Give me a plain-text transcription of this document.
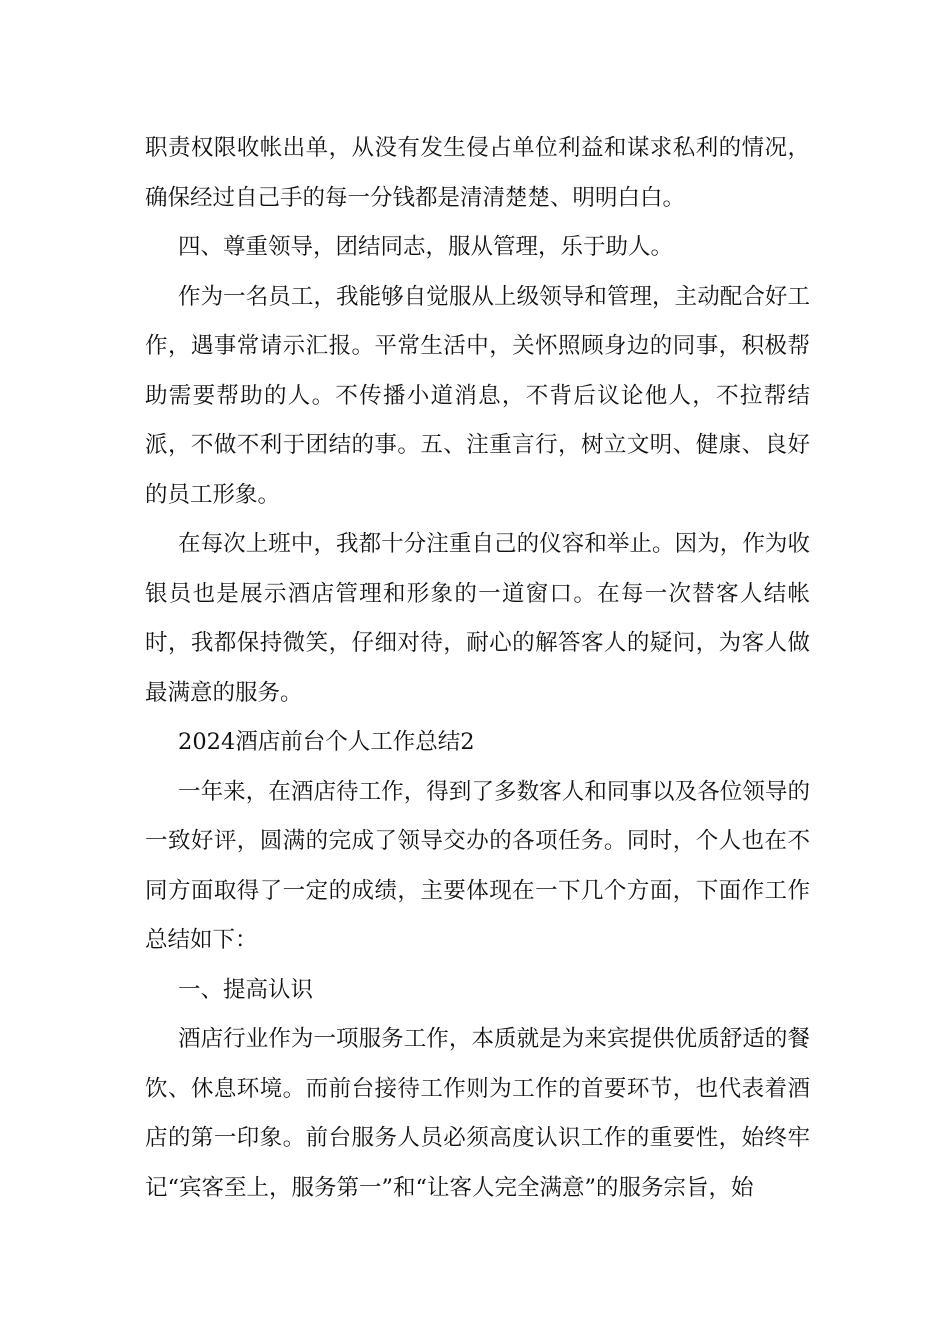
职责权限收帐出单，从没有发生侵占单位利益和谋求私利的情况，确保经过自己手的每一分钱都是清清楚楚、明明白白。

四、尊重领导，团结同志，服从管理，乐于助人。

作为一名员工，我能够自觉服从上级领导和管理，主动配合好工作，遇事常请示汇报。平常生活中，关怀照顾身边的同事，积极帮助需要帮助的人。不传播小道消息，不背后议论他人，不拉帮结派，不做不利于团结的事。五、注重言行，树立文明、健康、良好的员工形象。

在每次上班中，我都十分注重自己的仪容和举止。因为，作为收银员也是展示酒店管理和形象的一道窗口。在每一次替客人结帐时，我都保持微笑，仔细对待，耐心的解答客人的疑问，为客人做最满意的服务。

2024酒店前台个人工作总结2

一年来，在酒店待工作，得到了多数客人和同事以及各位领导的一致好评，圆满的完成了领导交办的各项任务。同时，个人也在不同方面取得了一定的成绩，主要体现在一下几个方面，下面作工作总结如下：

一、提高认识

酒店行业作为一项服务工作，本质就是为来宾提供优质舒适的餐饮、休息环境。而前台接待工作则为工作的首要环节，也代表着酒店的第一印象。前台服务人员必须高度认识工作的重要性，始终牢记“宾客至上，服务第一”和“让客人完全满意”的服务宗旨，始
